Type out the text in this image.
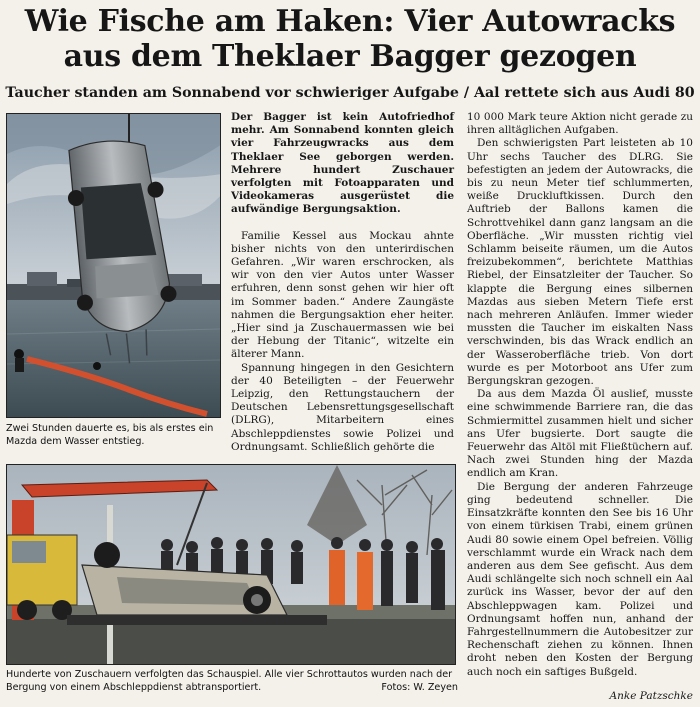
Wie Fische am Haken: Vier Autowracks
aus dem Theklaer Bagger gezogen
Taucher standen am Sonnabend vor schwieriger Aufgabe / Aal rettete sich aus Audi 80
Zwei Stunden dauerte es, bis als erstes ein Mazda dem Wasser entstieg.
Hunderte von Zuschauern verfolgten das Schauspiel. Alle vier Schrottautos wurden nach der Bergung von einem Abschleppdienst abtransportiert.	Fotos: W. Zeyen

Der Bagger ist kein Autofriedhof mehr. Am Sonnabend konnten gleich vier Fahrzeugwracks aus dem Theklaer See geborgen werden. Mehrere hundert Zuschauer verfolgten mit Fotoapparaten und Videokameras ausgerüstet die aufwändige Bergungsaktion.

Familie Kessel aus Mockau ahnte bisher nichts von den unterirdischen Gefahren. „Wir waren erschrocken, als wir von den vier Autos unter Wasser erfuhren, denn sonst gehen wir hier oft im Sommer baden.“ Andere Zaungäste nahmen die Bergungsaktion eher heiter. „Hier sind ja Zuschauermassen wie bei der Hebung der Titanic“, witzelte ein älterer Mann.

Spannung hingegen in den Gesichtern der 40 Beteiligten – der Feuerwehr Leipzig, den Rettungstauchern der Deutschen Lebensrettungsgesellschaft (DLRG), Mitarbeitern eines Abschleppdienstes sowie Polizei und Ordnungsamt. Schließlich gehörte die

10 000 Mark teure Aktion nicht gerade zu ihren alltäglichen Aufgaben.

Den schwierigsten Part leisteten ab 10 Uhr sechs Taucher des DLRG. Sie befestigten an jedem der Autowracks, die bis zu neun Meter tief schlummerten, weiße Druckluftkissen. Durch den Auftrieb der Ballons kamen die Schrottvehikel dann ganz langsam an die Oberfläche. „Wir mussten richtig viel Schlamm beiseite räumen, um die Autos freizubekommen“, berichtete Matthias Riebel, der Einsatzleiter der Taucher. So klappte die Bergung eines silbernen Mazdas aus sieben Metern Tiefe erst nach mehreren Anläufen. Immer wieder mussten die Taucher im eiskalten Nass verschwinden, bis das Wrack endlich an der Wasseroberfläche trieb. Von dort wurde es per Motorboot ans Ufer zum Bergungskran gezogen.

Da aus dem Mazda Öl auslief, musste eine schwimmende Barriere ran, die das Schmiermittel zusammen hielt und sicher ans Ufer bugsierte. Dort saugte die Feuerwehr das Altöl mit Fließtüchern auf. Nach zwei Stunden hing der Mazda endlich am Kran.

Die Bergung der anderen Fahrzeuge ging bedeutend schneller. Die Einsatzkräfte konnten den See bis 16 Uhr von einem türkisen Trabi, einem grünen Audi 80 sowie einem Opel befreien. Völlig verschlammt wurde ein Wrack nach dem anderen aus dem See gefischt. Aus dem Audi schlängelte sich noch schnell ein Aal zurück ins Wasser, bevor der auf den Abschleppwagen kam. Polizei und Ordnungsamt hoffen nun, anhand der Fahrgestellnummern die Autobesitzer zur Rechenschaft ziehen zu können. Ihnen droht neben den Kosten der Bergung auch noch ein saftiges Bußgeld.

Anke Patzschke
